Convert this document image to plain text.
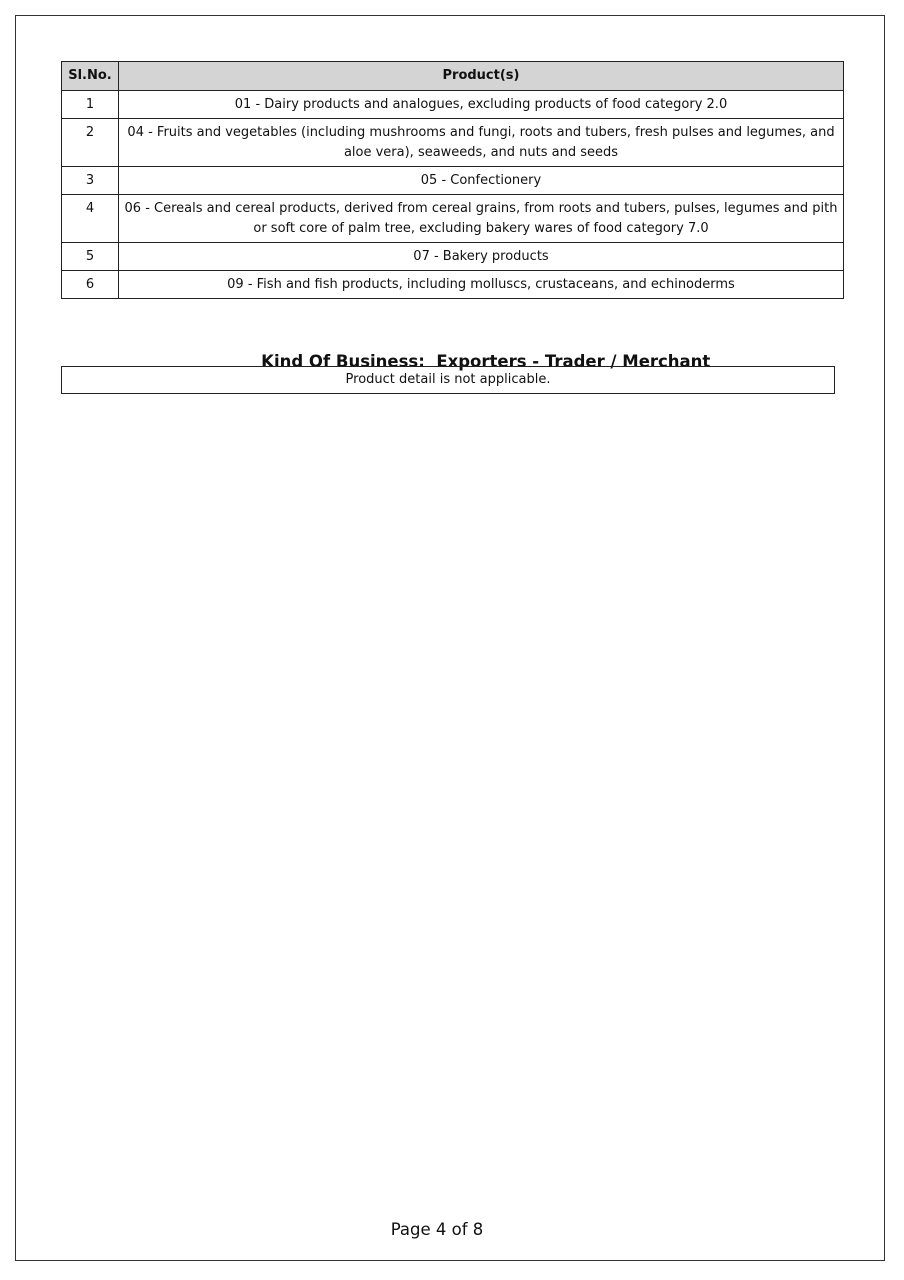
Sl.No.	Product(s)
1	01 - Dairy products and analogues, excluding products of food category 2.0
2	04 - Fruits and vegetables (including mushrooms and fungi, roots and tubers, fresh pulses and legumes, and aloe vera), seaweeds, and nuts and seeds
3	05 - Confectionery
4	06 - Cereals and cereal products, derived from cereal grains, from roots and tubers, pulses, legumes and pith or soft core of palm tree, excluding bakery wares of food category 7.0
5	07 - Bakery products
6	09 - Fish and fish products, including molluscs, crustaceans, and echinoderms

Kind Of Business:  Exporters - Trader / Merchant

Product detail is not applicable.
Page 4 of 8
